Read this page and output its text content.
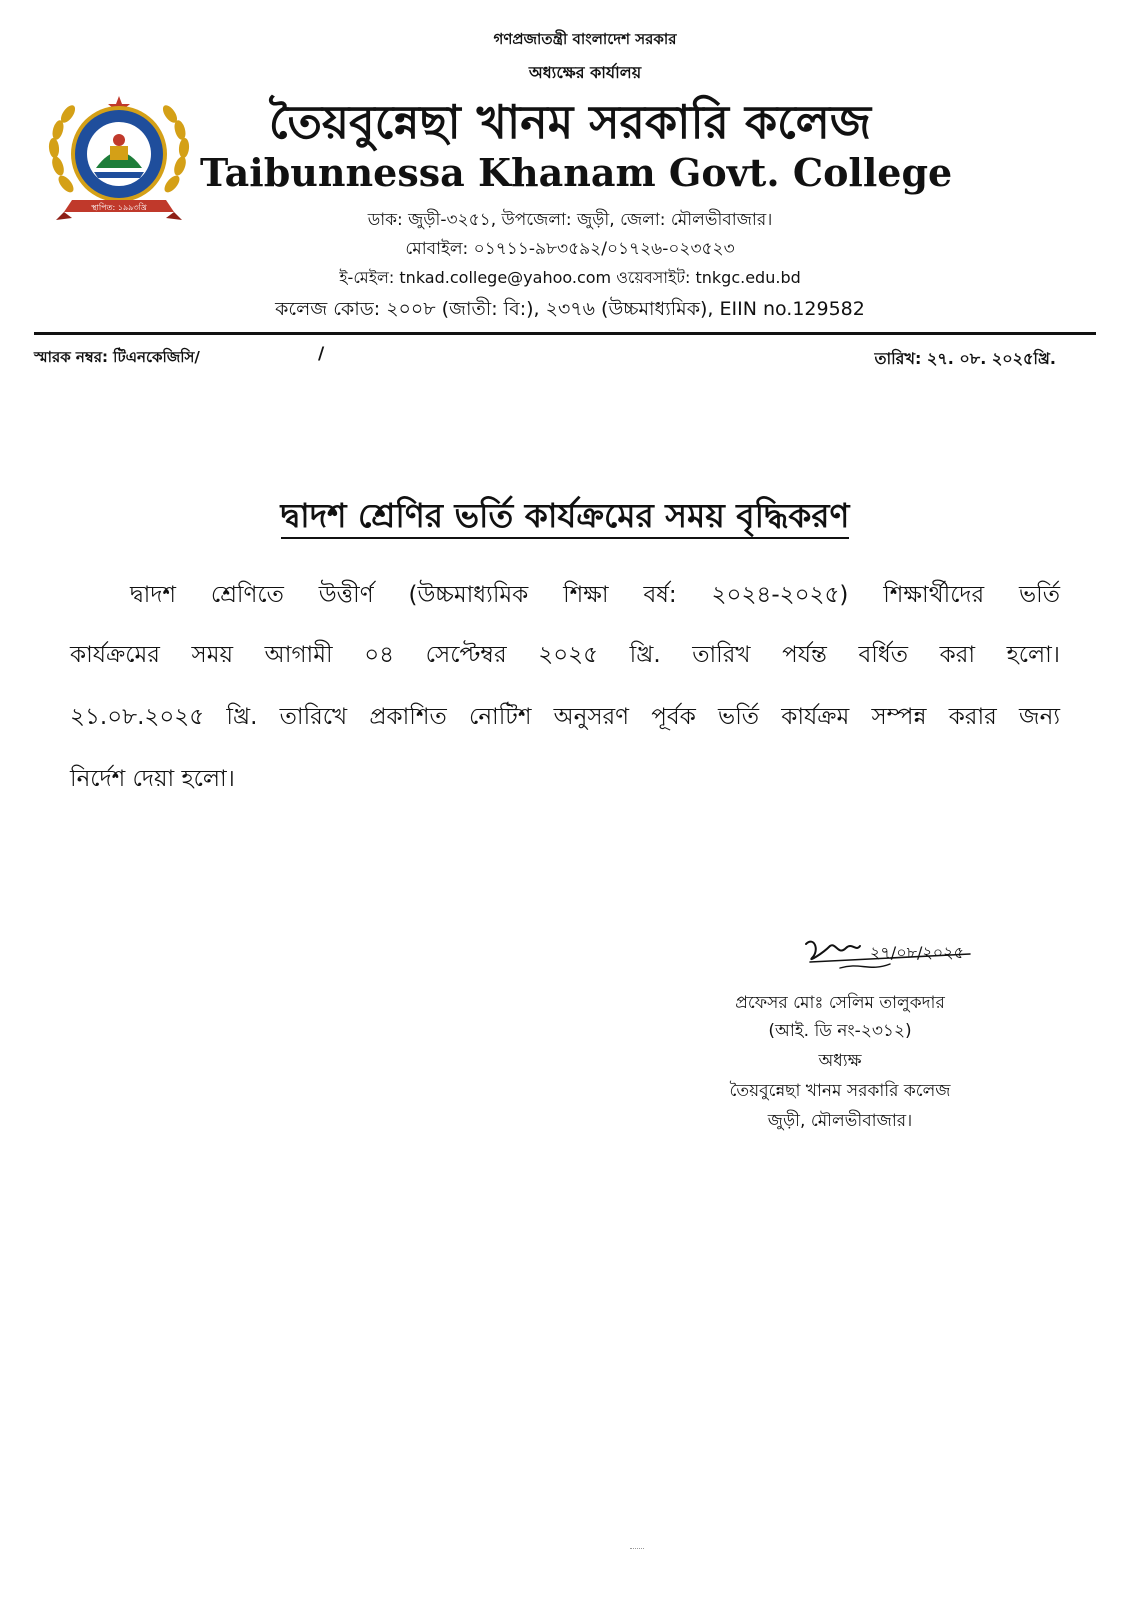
গণপ্রজাতন্ত্রী বাংলাদেশ সরকার
অধ্যক্ষের কার্যালয়
স্থাপিত: ১৯৯৩খ্রি
তৈয়বুন্নেছা খানম সরকারি কলেজ
Taibunnessa Khanam Govt. College
ডাক: জুড়ী-৩২৫১, উপজেলা: জুড়ী, জেলা: মৌলভীবাজার।
মোবাইল: ০১৭১১-৯৮৩৫৯২/০১৭২৬-০২৩৫২৩
ই-মেইল: tnkad.college@yahoo.com ওয়েবসাইট: tnkgc.edu.bd
কলেজ কোড: ২০০৮ (জাতী: বি:), ২৩৭৬ (উচ্চমাধ্যমিক), EIIN no.129582
স্মারক নম্বর: টিএনকেজিসি/	/	তারিখ: ২৭. ০৮. ২০২৫খ্রি.
দ্বাদশ শ্রেণির ভর্তি কার্যক্রমের সময় বৃদ্ধিকরণ
দ্বাদশ শ্রেণিতে উত্তীর্ণ (উচ্চমাধ্যমিক শিক্ষা বর্ষ: ২০২৪-২০২৫) শিক্ষার্থীদের ভর্তি
কার্যক্রমের সময় আগামী ০৪ সেপ্টেম্বর ২০২৫ খ্রি. তারিখ পর্যন্ত বর্ধিত করা হলো।
২১.০৮.২০২৫ খ্রি. তারিখে প্রকাশিত নোটিশ অনুসরণ পূর্বক ভর্তি কার্যক্রম সম্পন্ন করার জন্য
নির্দেশ দেয়া হলো।
২৭/০৮/২০২৫
প্রফেসর মোঃ সেলিম তালুকদার
(আই. ডি নং-২৩১২)
অধ্যক্ষ
তৈয়বুন্নেছা খানম সরকারি কলেজ
জুড়ী, মৌলভীবাজার।
